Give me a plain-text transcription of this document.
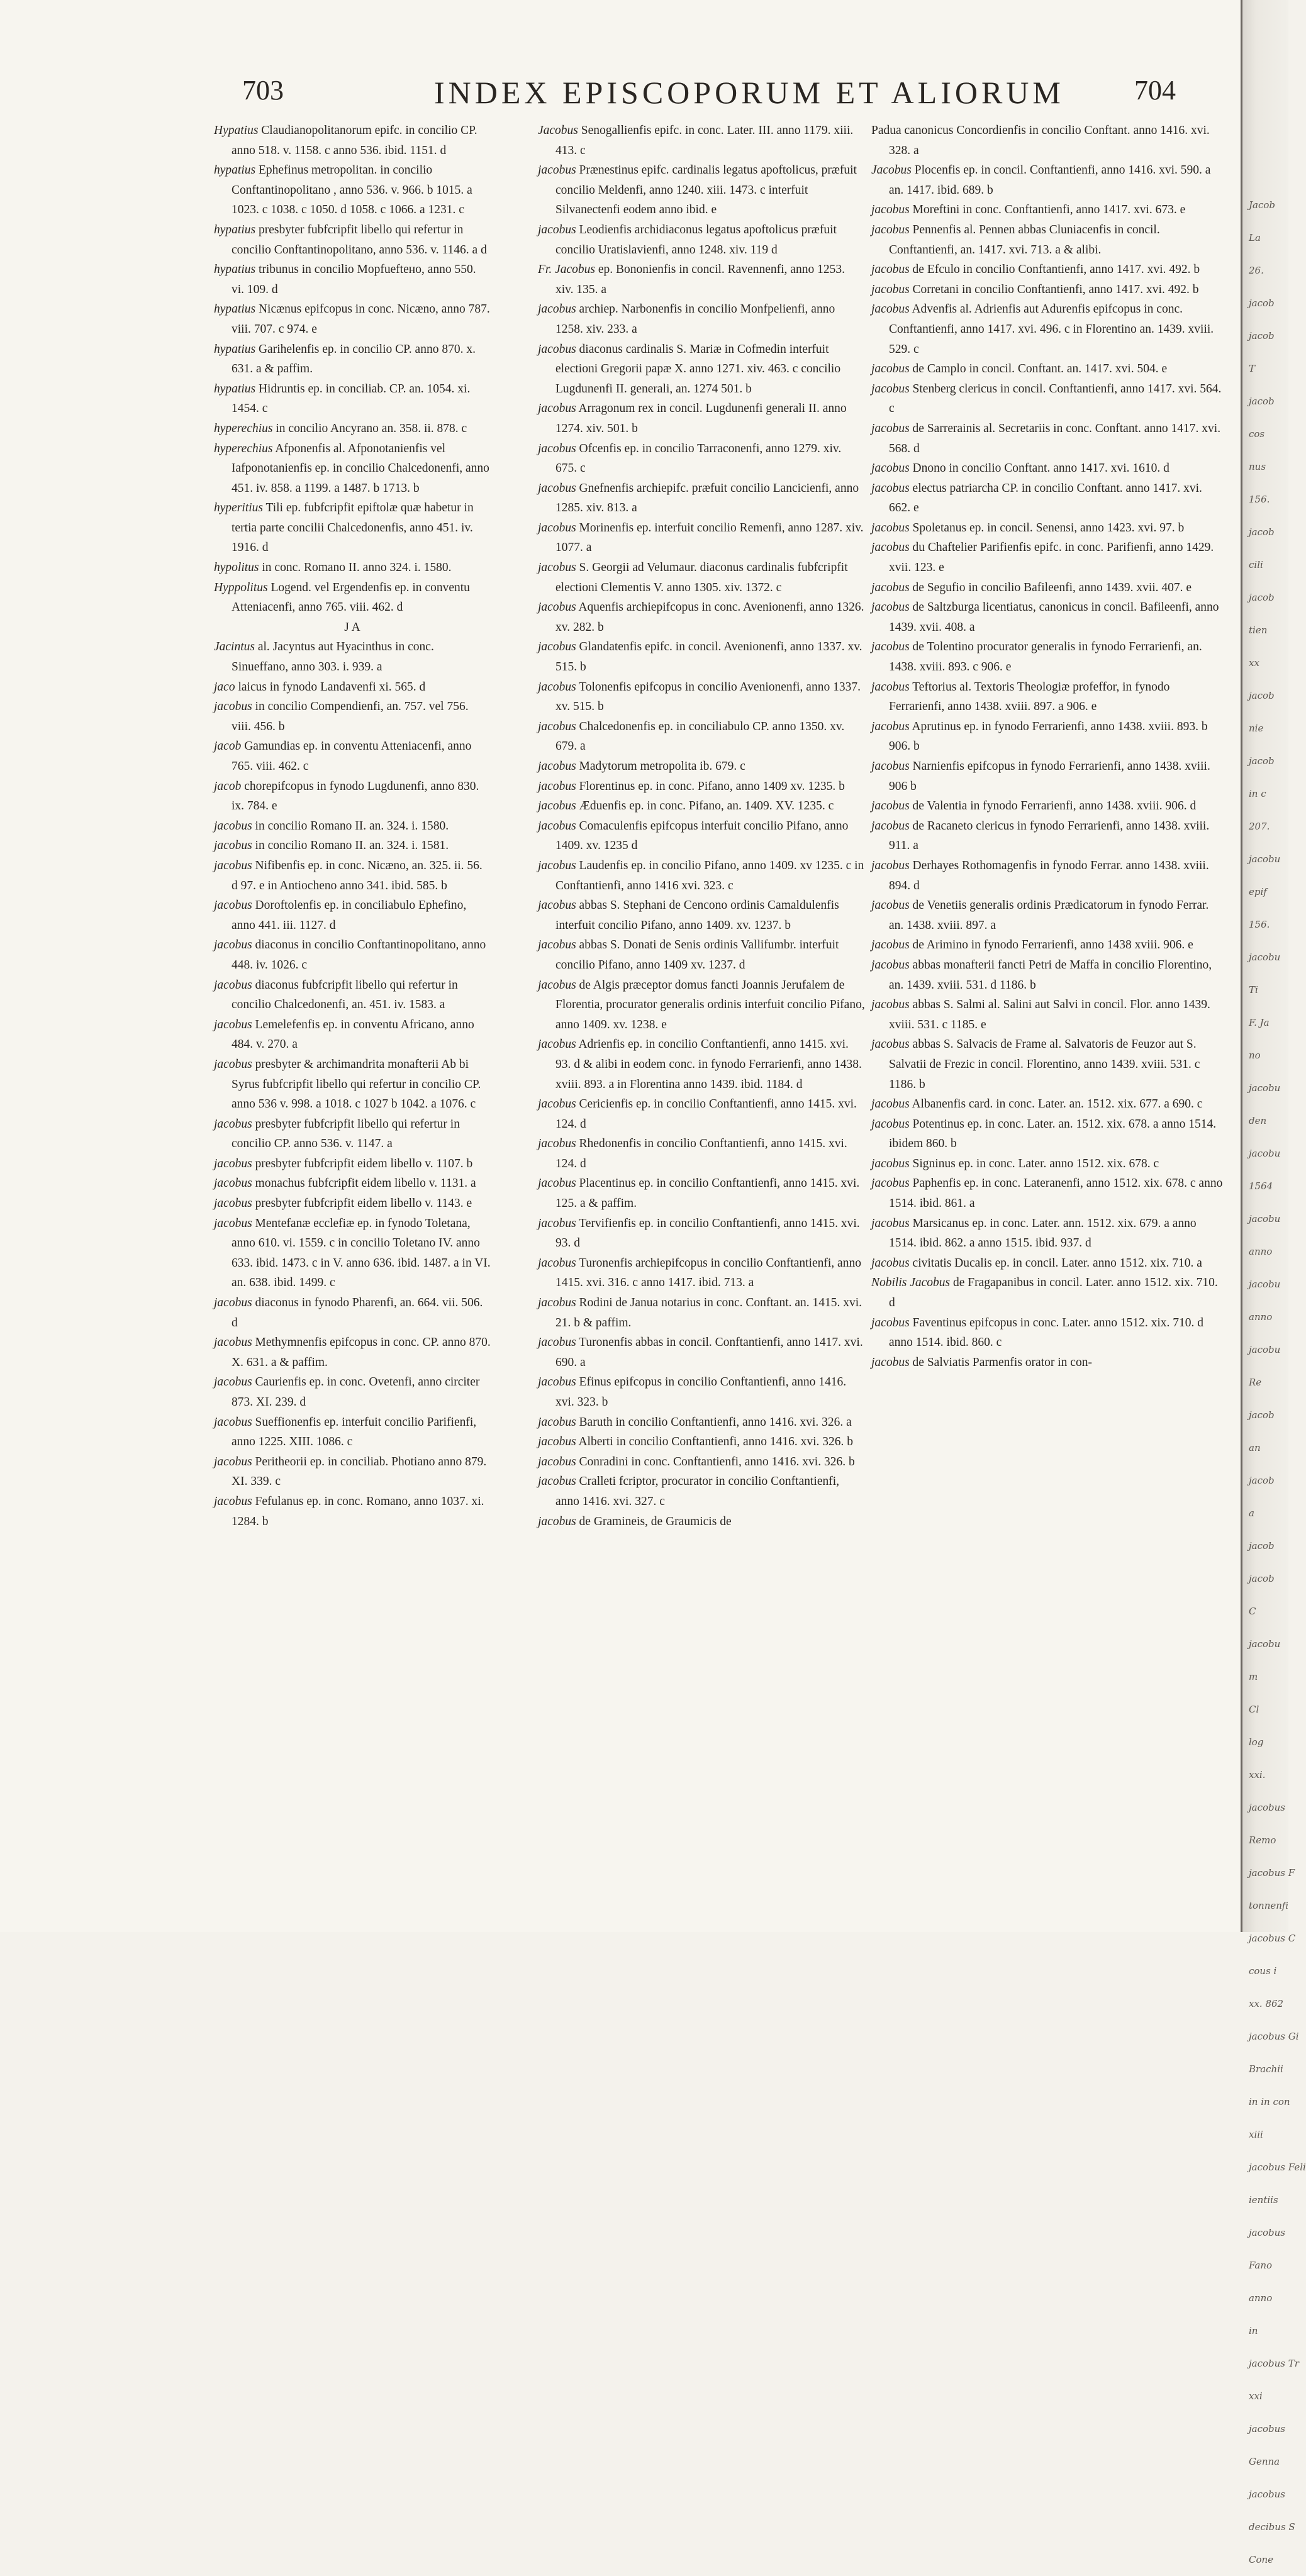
703	INDEX EPISCOPORUM ET ALIORUM	704

Hypatius Claudianopolitanorum epifc. in concilio CP. anno 518. v. 1158. c anno 536. ibid. 1151. d

hypatius Ephefinus metropolitan. in concilio Conftantinopolitano , anno 536. v. 966. b 1015. a 1023. c 1038. c 1050. d 1058. c 1066. a 1231. c

hypatius presbyter fubfcripfit libello qui refertur in concilio Conftantinopolitano, anno 536. v. 1146. a d

hypatius tribunus in concilio Mopfueftено, anno 550. vi. 109. d

hypatius Nicænus epifcopus in conc. Nicæno, anno 787. viii. 707. c 974. e

hypatius Garihelenfis ep. in concilio CP. anno 870. x. 631. a & paffim.

hypatius Hidruntis ep. in conciliab. CP. an. 1054. xi. 1454. c

hyperechius in concilio Ancyrano an. 358. ii. 878. c

hyperechius Afponenfis al. Afponotanienfis vel Iafponotanienfis ep. in concilio Chalcedonenfi, anno 451. iv. 858. a 1199. a 1487. b 1713. b

hyperitius Tili ep. fubfcripfit epiftolæ quæ habetur in tertia parte concilii Chalcedonenfis, anno 451. iv. 1916. d

hypolitus in conc. Romano II. anno 324. i. 1580.

Hyppolitus Logend. vel Ergendenfis ep. in conventu Atteniacenfi, anno 765. viii. 462. d

J A

Jacintus al. Jacyntus aut Hyacinthus in conc. Sinueffano, anno 303. i. 939. a

jaco laicus in fynodo Landavenfi xi. 565. d

jacobus in concilio Compendienfi, an. 757. vel 756. viii. 456. b

jacob Gamundias ep. in conventu Atteniacenfi, anno 765. viii. 462. c

jacob chorepifcopus in fynodo Lugdunenfi, anno 830. ix. 784. e

jacobus in concilio Romano II. an. 324. i. 1580.

jacobus in concilio Romano II. an. 324. i. 1581.

jacobus Nifibenfis ep. in conc. Nicæno, an. 325. ii. 56. d 97. e in Antiocheno anno 341. ibid. 585. b

jacobus Doroftolenfis ep. in conciliabulo Ephefino, anno 441. iii. 1127. d

jacobus diaconus in concilio Conftantinopolitano, anno 448. iv. 1026. c

jacobus diaconus fubfcripfit libello qui refertur in concilio Chalcedonenfi, an. 451. iv. 1583. a

jacobus Lemelefenfis ep. in conventu Africano, anno 484. v. 270. a

jacobus presbyter & archimandrita monafterii Ab bi Syrus fubfcripfit libello qui refertur in concilio CP. anno 536 v. 998. a 1018. c 1027 b 1042. a 1076. c

jacobus presbyter fubfcripfit libello qui refertur in concilio CP. anno 536. v. 1147. a

jacobus presbyter fubfcripfit eidem libello v. 1107. b

jacobus monachus fubfcripfit eidem libello v. 1131. a

jacobus presbyter fubfcripfit eidem libello v. 1143. e

jacobus Mentefanæ ecclefiæ ep. in fynodo Toletana, anno 610. vi. 1559. c in concilio Toletano IV. anno 633. ibid. 1473. c in V. anno 636. ibid. 1487. a in VI. an. 638. ibid. 1499. c

jacobus diaconus in fynodo Pharenfi, an. 664. vii. 506. d

jacobus Methymnenfis epifcopus in conc. CP. anno 870. X. 631. a & paffim.

jacobus Caurienfis ep. in conc. Ovetenfi, anno circiter 873. XI. 239. d

jacobus Sueffionenfis ep. interfuit concilio Parifienfi, anno 1225. XIII. 1086. c

jacobus Peritheorii ep. in conciliab. Photiano anno 879. XI. 339. c

jacobus Fefulanus ep. in conc. Romano, anno 1037. xi. 1284. b

Jacobus Senogallienfis epifc. in conc. Later. III. anno 1179. xiii. 413. c

jacobus Prænestinus epifc. cardinalis legatus apoftolicus, præfuit concilio Meldenfi, anno 1240. xiii. 1473. c interfuit Silvanectenfi eodem anno ibid. e

jacobus Leodienfis archidiaconus legatus apoftolicus præfuit concilio Uratislavienfi, anno 1248. xiv. 119 d

Fr. Jacobus ep. Bononienfis in concil. Ravennenfi, anno 1253. xiv. 135. a

jacobus archiep. Narbonenfis in concilio Monfpelienfi, anno 1258. xiv. 233. a

jacobus diaconus cardinalis S. Mariæ in Cofmedin interfuit electioni Gregorii papæ X. anno 1271. xiv. 463. c concilio Lugdunenfi II. generali, an. 1274 501. b

jacobus Arragonum rex in concil. Lugdunenfi generali II. anno 1274. xiv. 501. b

jacobus Ofcenfis ep. in concilio Tarraconenfi, anno 1279. xiv. 675. c

jacobus Gnefnenfis archiepifc. præfuit concilio Lancicienfi, anno 1285. xiv. 813. a

jacobus Morinenfis ep. interfuit concilio Remenfi, anno 1287. xiv. 1077. a

jacobus S. Georgii ad Velumaur. diaconus cardinalis fubfcripfit electioni Clementis V. anno 1305. xiv. 1372. c

jacobus Aquenfis archiepifcopus in conc. Avenionenfi, anno 1326. xv. 282. b

jacobus Glandatenfis epifc. in concil. Avenionenfi, anno 1337. xv. 515. b

jacobus Tolonenfis epifcopus in concilio Avenionenfi, anno 1337. xv. 515. b

jacobus Chalcedonenfis ep. in conciliabulo CP. anno 1350. xv. 679. a

jacobus Madytorum metropolita ib. 679. c

jacobus Florentinus ep. in conc. Pifano, anno 1409 xv. 1235. b

jacobus Æduenfis ep. in conc. Pifano, an. 1409. XV. 1235. c

jacobus Comaculenfis epifcopus interfuit concilio Pifano, anno 1409. xv. 1235 d

jacobus Laudenfis ep. in concilio Pifano, anno 1409. xv 1235. c in Conftantienfi, anno 1416 xvi. 323. c

jacobus abbas S. Stephani de Cencono ordinis Camaldulenfis interfuit concilio Pifano, anno 1409. xv. 1237. b

jacobus abbas S. Donati de Senis ordinis Vallifumbr. interfuit concilio Pifano, anno 1409 xv. 1237. d

jacobus de Algis præceptor domus fancti Joannis Jerufalem de Florentia, procurator generalis ordinis interfuit concilio Pifano, anno 1409. xv. 1238. e

jacobus Adrienfis ep. in concilio Conftantienfi, anno 1415. xvi. 93. d & alibi in eodem conc. in fynodo Ferrarienfi, anno 1438. xviii. 893. a in Florentina anno 1439. ibid. 1184. d

jacobus Cericienfis ep. in concilio Conftantienfi, anno 1415. xvi. 124. d

jacobus Rhedonenfis in concilio Conftantienfi, anno 1415. xvi. 124. d

jacobus Placentinus ep. in concilio Conftantienfi, anno 1415. xvi. 125. a & paffim.

jacobus Tervifienfis ep. in concilio Conftantienfi, anno 1415. xvi. 93. d

jacobus Turonenfis archiepifcopus in concilio Conftantienfi, anno 1415. xvi. 316. c anno 1417. ibid. 713. a

jacobus Rodini de Janua notarius in conc. Conftant. an. 1415. xvi. 21. b & paffim.

jacobus Turonenfis abbas in concil. Conftantienfi, anno 1417. xvi. 690. a

jacobus Efinus epifcopus in concilio Conftantienfi, anno 1416. xvi. 323. b

jacobus Baruth in concilio Conftantienfi, anno 1416. xvi. 326. a

jacobus Alberti in concilio Conftantienfi, anno 1416. xvi. 326. b

jacobus Conradini in conc. Conftantienfi, anno 1416. xvi. 326. b

jacobus Cralleti fcriptor, procurator in concilio Conftantienfi, anno 1416. xvi. 327. c

jacobus de Gramineis, de Graumicis de

Padua canonicus Concordienfis in concilio Conftant. anno 1416. xvi. 328. a

Jacobus Plocenfis ep. in concil. Conftantienfi, anno 1416. xvi. 590. a an. 1417. ibid. 689. b

jacobus Moreftini in conc. Conftantienfi, anno 1417. xvi. 673. e

jacobus Pennenfis al. Pennen abbas Cluniacenfis in concil. Conftantienfi, an. 1417. xvi. 713. a & alibi.

jacobus de Efculo in concilio Conftantienfi, anno 1417. xvi. 492. b

jacobus Corretani in concilio Conftantienfi, anno 1417. xvi. 492. b

jacobus Advenfis al. Adrienfis aut Adurenfis epifcopus in conc. Conftantienfi, anno 1417. xvi. 496. c in Florentino an. 1439. xviii. 529. c

jacobus de Camplo in concil. Conftant. an. 1417. xvi. 504. e

jacobus Stenberg clericus in concil. Conftantienfi, anno 1417. xvi. 564. c

jacobus de Sarrerainis al. Secretariis in conc. Conftant. anno 1417. xvi. 568. d

jacobus Dnono in concilio Conftant. anno 1417. xvi. 1610. d

jacobus electus patriarcha CP. in concilio Conftant. anno 1417. xvi. 662. e

jacobus Spoletanus ep. in concil. Senensi, anno 1423. xvi. 97. b

jacobus du Chaftelier Parifienfis epifc. in conc. Parifienfi, anno 1429. xvii. 123. e

jacobus de Segufio in concilio Bafileenfi, anno 1439. xvii. 407. e

jacobus de Saltzburga licentiatus, canonicus in concil. Bafileenfi, anno 1439. xvii. 408. a

jacobus de Tolentino procurator generalis in fynodo Ferrarienfi, an. 1438. xviii. 893. c 906. e

jacobus Teftorius al. Textoris Theologiæ profeffor, in fynodo Ferrarienfi, anno 1438. xviii. 897. a 906. e

jacobus Aprutinus ep. in fynodo Ferrarienfi, anno 1438. xviii. 893. b 906. b

jacobus Narnienfis epifcopus in fynodo Ferrarienfi, anno 1438. xviii. 906 b

jacobus de Valentia in fynodo Ferrarienfi, anno 1438. xviii. 906. d

jacobus de Racaneto clericus in fynodo Ferrarienfi, anno 1438. xviii. 911. a

jacobus Derhayes Rothomagenfis in fynodo Ferrar. anno 1438. xviii. 894. d

jacobus de Venetiis generalis ordinis Prædicatorum in fynodo Ferrar. an. 1438. xviii. 897. a

jacobus de Arimino in fynodo Ferrarienfi, anno 1438 xviii. 906. e

jacobus abbas monafterii fancti Petri de Maffa in concilio Florentino, an. 1439. xviii. 531. d 1186. b

jacobus abbas S. Salmi al. Salini aut Salvi in concil. Flor. anno 1439. xviii. 531. c 1185. e

jacobus abbas S. Salvacis de Frame al. Salvatoris de Feuzor aut S. Salvatii de Frezic in concil. Florentino, anno 1439. xviii. 531. c 1186. b

jacobus Albanenfis card. in conc. Later. an. 1512. xix. 677. a 690. c

jacobus Potentinus ep. in conc. Later. an. 1512. xix. 678. a anno 1514. ibidem 860. b

jacobus Signinus ep. in conc. Later. anno 1512. xix. 678. c

jacobus Paphenfis ep. in conc. Lateranenfi, anno 1512. xix. 678. c anno 1514. ibid. 861. a

jacobus Marsicanus ep. in conc. Later. ann. 1512. xix. 679. a anno 1514. ibid. 862. a anno 1515. ibid. 937. d

jacobus civitatis Ducalis ep. in concil. Later. anno 1512. xix. 710. a

Nobilis Jacobus de Fragapanibus in concil. Later. anno 1512. xix. 710. d

jacobus Faventinus epifcopus in conc. Later. anno 1512. xix. 710. d anno 1514. ibid. 860. c

jacobus de Salviatis Parmenfis orator in con-

Jacob
La
26.
jacob
jacob
T
jacob
cos
nus
156.
jacob
cili
jacob
tien
xx
jacob
nie
jacob
in c
207.
jacobu
epif
156.
jacobu
Ti
F. Ja
no
jacobu
den
jacobu
1564
jacobu
anno
jacobu
anno
jacobu
Re
jacob
an
jacob
a
jacob
jacob
C
jacobu
m
Cl
log
xxi.
jacobus
Remo
jacobus F
tonnenfi
jacobus C
cous i
xx. 862
jacobus Gi
Brachii
in in con
xiii
jacobus Feli
ientiis
jacobus
Fano
anno
in
jacobus Tr
xxi
jacobus
Genna
jacobus
decibus S
Cone
